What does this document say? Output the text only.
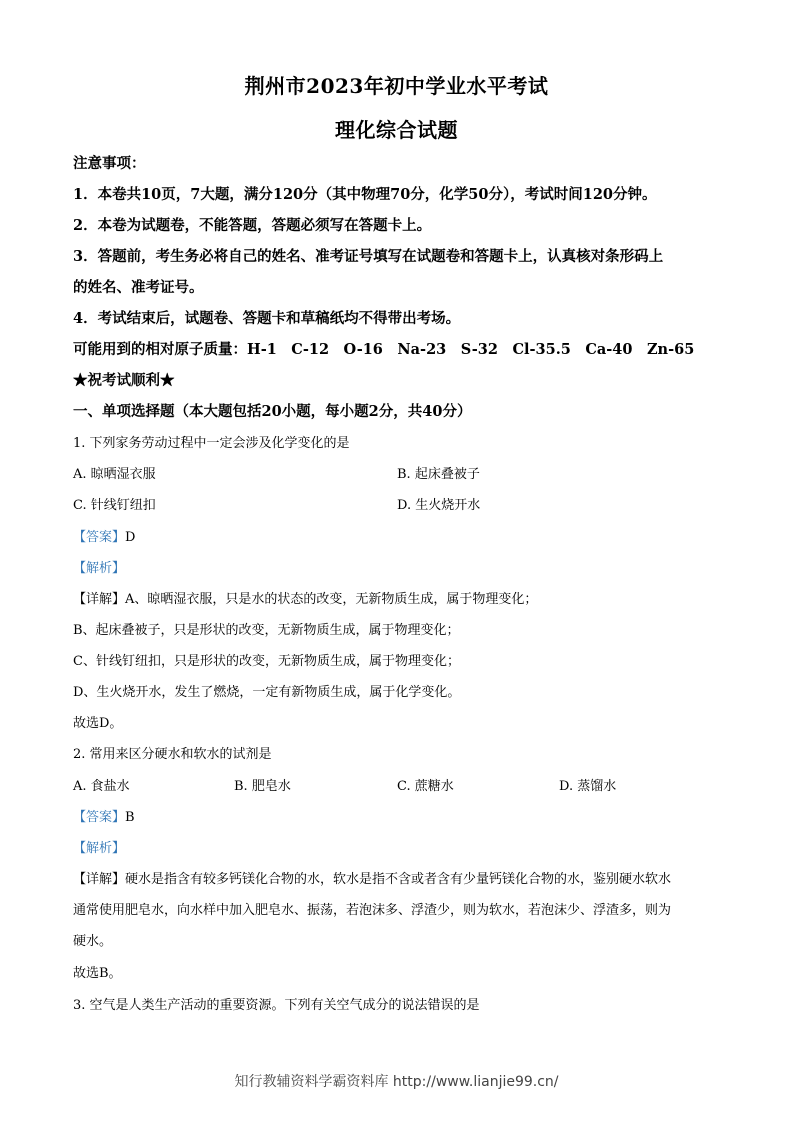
荆州市2023年初中学业水平考试
理化综合试题
注意事项：
1．本卷共10页，7大题，满分120分（其中物理70分，化学50分），考试时间120分钟。
2．本卷为试题卷，不能答题，答题必须写在答题卡上。
3．答题前，考生务必将自己的姓名、准考证号填写在试题卷和答题卡上，认真核对条形码上
的姓名、准考证号。
4．考试结束后，试题卷、答题卡和草稿纸均不得带出考场。
可能用到的相对原子质量：H-1　C-12　O-16　Na-23　S-32　Cl-35.5　Ca-40　Zn-65
★祝考试顺利★
一、单项选择题（本大题包括20小题，每小题2分，共40分）
1. 下列家务劳动过程中一定会涉及化学变化的是
A. 晾晒湿衣服	B. 起床叠被子
C. 针线钉纽扣	D. 生火烧开水
【答案】D
【解析】
【详解】A、晾晒湿衣服，只是水的状态的改变，无新物质生成，属于物理变化；
B、起床叠被子，只是形状的改变，无新物质生成，属于物理变化；
C、针线钉纽扣，只是形状的改变，无新物质生成，属于物理变化；
D、生火烧开水，发生了燃烧，一定有新物质生成，属于化学变化。
故选D。
2. 常用来区分硬水和软水的试剂是
A. 食盐水	B. 肥皂水	C. 蔗糖水	D. 蒸馏水
【答案】B
【解析】
【详解】硬水是指含有较多钙镁化合物的水，软水是指不含或者含有少量钙镁化合物的水，鉴别硬水软水
通常使用肥皂水，向水样中加入肥皂水、振荡，若泡沫多、浮渣少，则为软水，若泡沫少、浮渣多，则为
硬水。
故选B。
3. 空气是人类生产活动的重要资源。下列有关空气成分的说法错误的是
知行教辅资料学霸资料库 http://www.lianjie99.cn/
